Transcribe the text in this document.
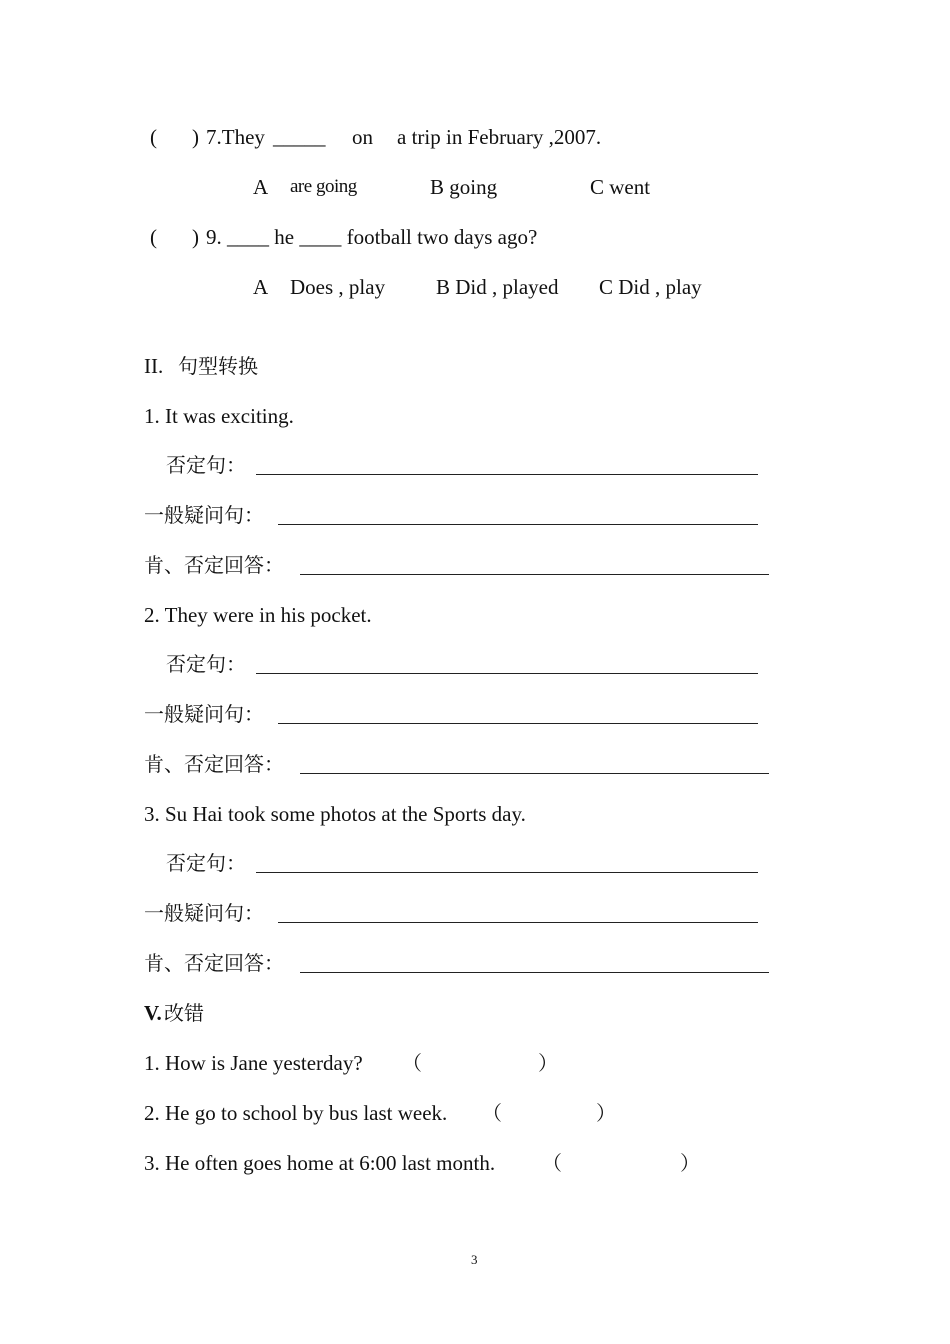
( ) 7.They _____ on a trip in February ,2007.
A are going	B going	C went
( ) 9. ____ he ____ football two days ago?
A Does , play B Did , played C Did , play
II. 句型转换
1. It was exciting.
否定句：
一般疑问句：
肯、否定回答：
2. They were in his pocket.
否定句：
一般疑问句：
肯、否定回答：
3. Su Hai took some photos at the Sports day.
否定句：
一般疑问句：
肯、否定回答：
V. 改错
1. How is Jane yesterday? （	）
2. He go to school by bus last week. （	）
3. He often goes home at 6:00 last month. （	）
3
